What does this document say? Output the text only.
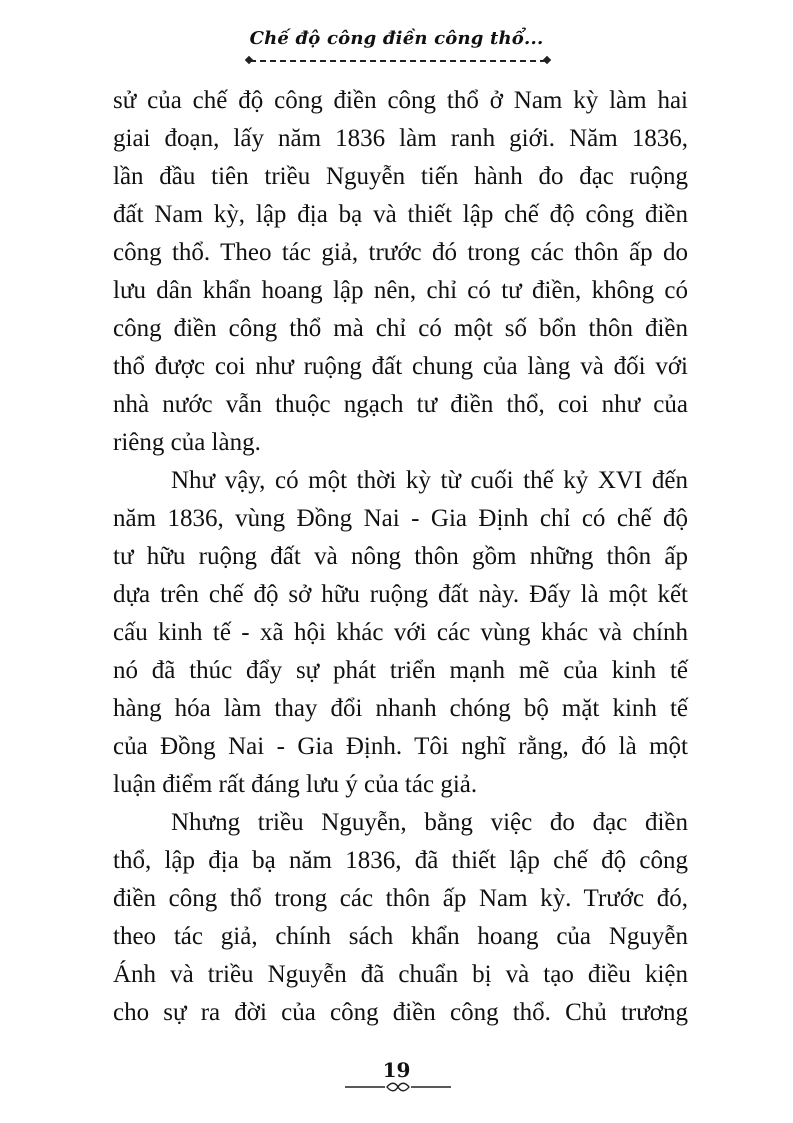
Chế độ công điền công thổ...

sử của chế độ công điền công thổ ở Nam kỳ làm hai

giai đoạn, lấy năm 1836 làm ranh giới. Năm 1836,

lần đầu tiên triều Nguyễn tiến hành đo đạc ruộng

đất Nam kỳ, lập địa bạ và thiết lập chế độ công điền

công thổ. Theo tác giả, trước đó trong các thôn ấp do

lưu dân khẩn hoang lập nên, chỉ có tư điền, không có

công điền công thổ mà chỉ có một số bổn thôn điền

thổ được coi như ruộng đất chung của làng và đối với

nhà nước vẫn thuộc ngạch tư điền thổ, coi như của

riêng của làng.

Như vậy, có một thời kỳ từ cuối thế kỷ XVI đến

năm 1836, vùng Đồng Nai - Gia Định chỉ có chế độ

tư hữu ruộng đất và nông thôn gồm những thôn ấp

dựa trên chế độ sở hữu ruộng đất này. Đấy là một kết

cấu kinh tế - xã hội khác với các vùng khác và chính

nó đã thúc đẩy sự phát triển mạnh mẽ của kinh tế

hàng hóa làm thay đổi nhanh chóng bộ mặt kinh tế

của Đồng Nai - Gia Định. Tôi nghĩ rằng, đó là một

luận điểm rất đáng lưu ý của tác giả.

Nhưng triều Nguyễn, bằng việc đo đạc điền

thổ, lập địa bạ năm 1836, đã thiết lập chế độ công

điền công thổ trong các thôn ấp Nam kỳ. Trước đó,

theo tác giả, chính sách khẩn hoang của Nguyễn

Ánh và triều Nguyễn đã chuẩn bị và tạo điều kiện

cho sự ra đời của công điền công thổ. Chủ trương

19
